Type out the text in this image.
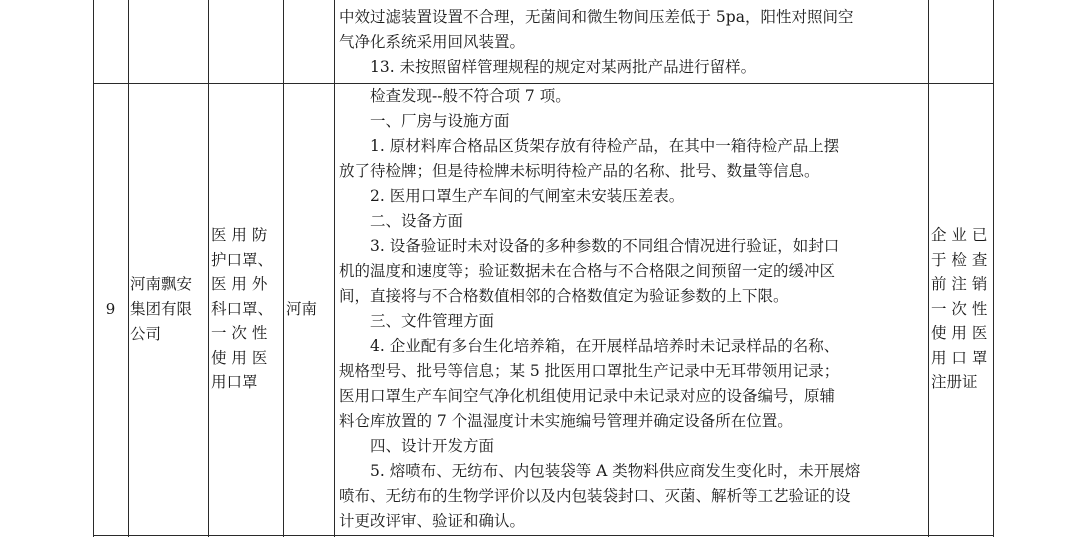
中效过滤装置设置不合理，无菌间和微生物间压差低于 5pa，阳性对照间空
气净化系统采用回风装置。
13. 未按照留样管理规程的规定对某两批产品进行留样。
9
河南飘安
集团有限
公司
医 用 防
护口罩、
医 用 外
科口罩、
一 次 性
使 用 医
用口罩
河南
检查发现--般不符合项 7 项。
一、厂房与设施方面
1. 原材料库合格品区货架存放有待检产品，在其中一箱待检产品上摆
放了待检牌；但是待检牌未标明待检产品的名称、批号、数量等信息。
2. 医用口罩生产车间的气闸室未安装压差表。
二、设备方面
3. 设备验证时未对设备的多种参数的不同组合情况进行验证，如封口
机的温度和速度等；验证数据未在合格与不合格限之间预留一定的缓冲区
间，直接将与不合格数值相邻的合格数值定为验证参数的上下限。
三、文件管理方面
4. 企业配有多台生化培养箱，在开展样品培养时未记录样品的名称、
规格型号、批号等信息；某 5 批医用口罩批生产记录中无耳带领用记录；
医用口罩生产车间空气净化机组使用记录中未记录对应的设备编号，原辅
料仓库放置的 7 个温湿度计未实施编号管理并确定设备所在位置。
四、设计开发方面
5. 熔喷布、无纺布、内包装袋等 A 类物料供应商发生变化时，未开展熔
喷布、无纺布的生物学评价以及内包装袋封口、灭菌、解析等工艺验证的设
计更改评审、验证和确认。
企 业 已
于 检 查
前 注 销
一 次 性
使 用 医
用 口 罩
注册证
